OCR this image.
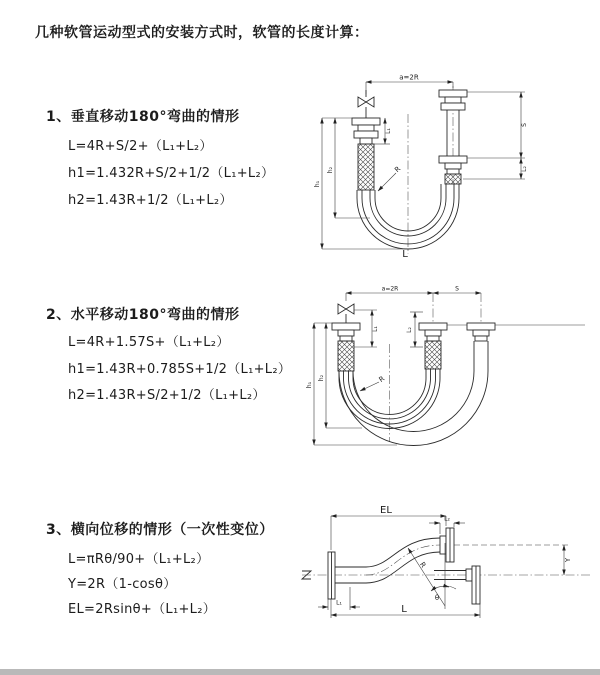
几种软管运动型式的安装方式时，软管的长度计算：
1、垂直移动180°弯曲的情形
L=4R+S/2+（L₁+L₂）
h1=1.432R+S/2+1/2（L₁+L₂）
h2=1.43R+1/2（L₁+L₂）
2、水平移动180°弯曲的情形
L=4R+1.57S+（L₁+L₂）
h1=1.43R+0.785S+1/2（L₁+L₂）
h2=1.43R+S/2+1/2（L₁+L₂）
3、横向位移的情形（一次性变位）
L=πRθ/90+（L₁+L₂）
Y=2R（1-cosθ）
EL=2Rsinθ+（L₁+L₂）
a=2R
h₁
h₂
L₁
S
L₂
R
L
a=2R	S
h₁
h₂
L₁	L₂
R
EL
L₂
Y
R
θ
L
L₁
